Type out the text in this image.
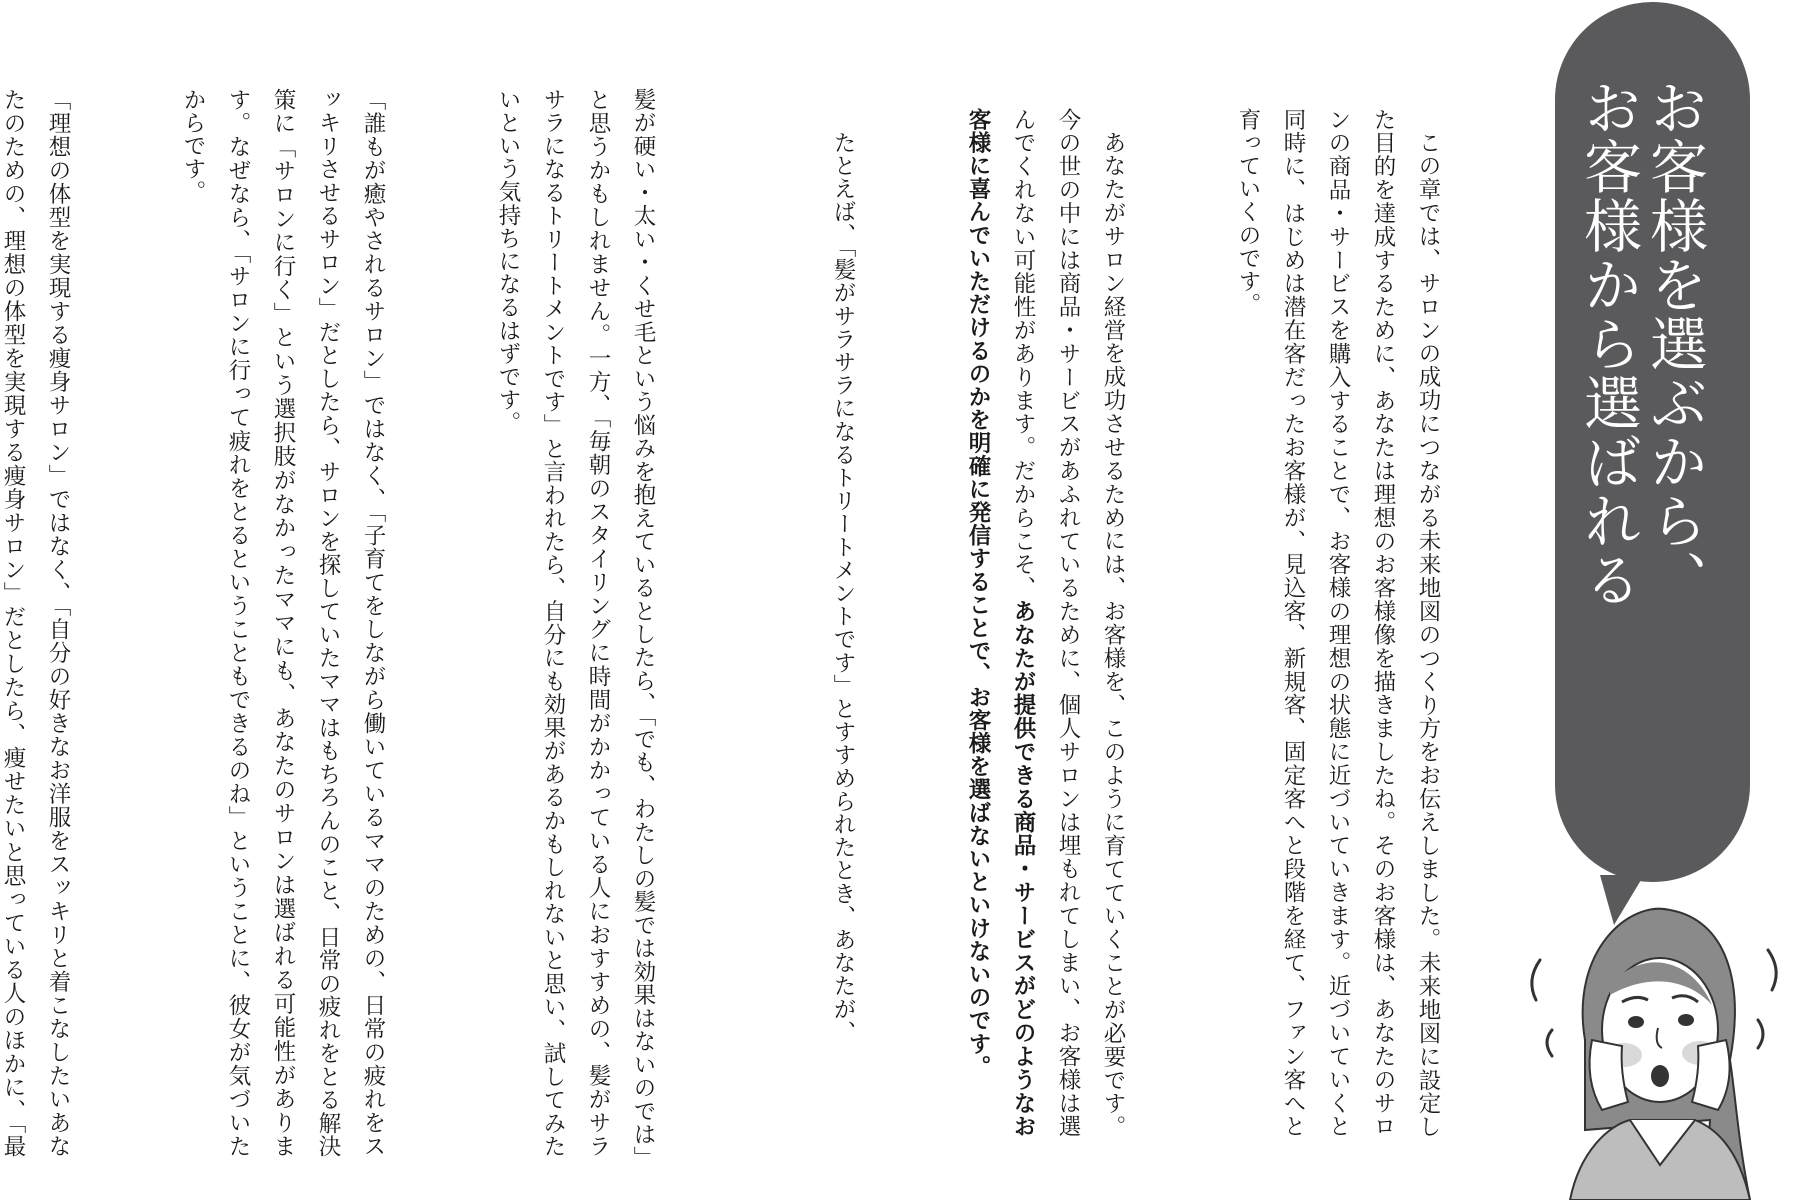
お客様を選ぶから、
お客様から選ばれる

この章では、サロンの成功につながる未来地図のつくり方をお伝えしました。未来地図に設定した目的を達成するために、あなたは理想のお客様像を描きましたね。そのお客様は、あなたのサロンの商品・サービスを購入することで、お客様の理想の状態に近づいていきます。近づいていくと同時に、はじめは潜在客だったお客様が、見込客、新規客、固定客へと段階を経て、ファン客へと育っていくのです。

あなたがサロン経営を成功させるためには、お客様を、このように育てていくことが必要です。今の世の中には商品・サービスがあふれているために、個人サロンは埋もれてしまい、お客様は選んでくれない可能性があります。だからこそ、あなたが提供できる商品・サービスがどのようなお客様に喜んでいただけるのかを明確に発信することで、お客様を選ばないといけないのです。

たとえば、「髪がサラサラになるトリートメントです」とすすめられたとき、あなたが、

髪が硬い・太い・くせ毛という悩みを抱えているとしたら、「でも、わたしの髪では効果はないのでは」と思うかもしれません。一方、「毎朝のスタイリングに時間がかかっている人におすすめの、髪がサラサラになるトリートメントです」と言われたら、自分にも効果があるかもしれないと思い、試してみたいという気持ちになるはずです。

「誰もが癒やされるサロン」ではなく、「子育てをしながら働いているママのための、日常の疲れをスッキリさせるサロン」だとしたら、サロンを探していたママはもちろんのこと、日常の疲れをとる解決策に「サロンに行く」という選択肢がなかったママにも、あなたのサロンは選ばれる可能性があります。なぜなら、「サロンに行って疲れをとるということもできるのね」ということに、彼女が気づいたからです。

「理想の体型を実現する痩身サロン」ではなく、「自分の好きなお洋服をスッキリと着こなしたいあなたのための、理想の体型を実現する痩身サロン」だとしたら、痩せたいと思っている人のほかに、「最
